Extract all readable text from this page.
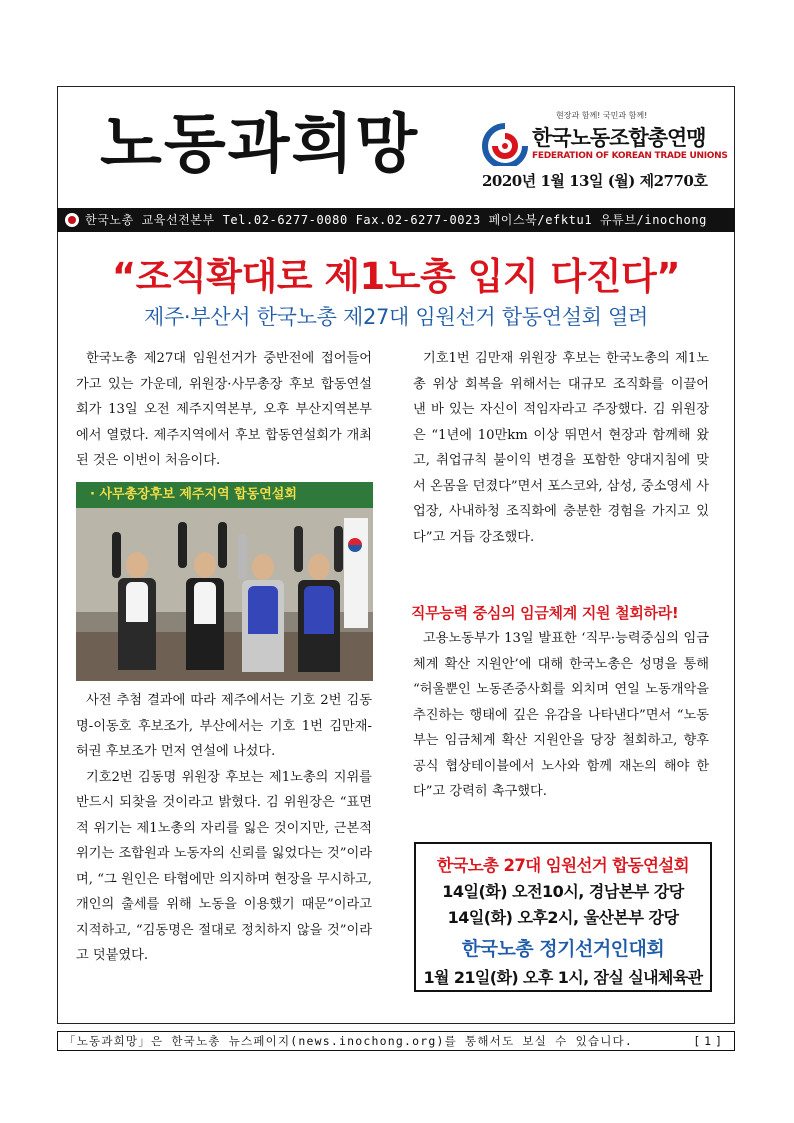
노동과희망	현장과 함께! 국민과 함께!
한국노동조합총연맹
FEDERATION OF KOREAN TRADE UNIONS
2020년 1월 13일 (월) 제2770호
한국노총 교육선전본부 Tel.02-6277-0080 Fax.02-6277-0023 페이스북/efktu1 유튜브/inochong
“조직확대로 제1노총 입지 다진다”
제주·부산서 한국노총 제27대 임원선거 합동연설회 열려

한국노총 제27대 임원선거가 중반전에 접어들어가고 있는 가운데, 위원장·사무총장 후보 합동연설회가 13일 오전 제주지역본부, 오후 부산지역본부에서 열렸다. 제주지역에서 후보 합동연설회가 개최된 것은 이번이 처음이다.

· 사무총장후보 제주지역 합동연설회

사전 추첨 결과에 따라 제주에서는 기호 2번 김동명-이동호 후보조가, 부산에서는 기호 1번 김만재-허권 후보조가 먼저 연설에 나섰다.

기호2번 김동명 위원장 후보는 제1노총의 지위를 반드시 되찾을 것이라고 밝혔다. 김 위원장은 “표면적 위기는 제1노총의 자리를 잃은 것이지만, 근본적 위기는 조합원과 노동자의 신뢰를 잃었다는 것”이라며, “그 원인은 타협에만 의지하며 현장을 무시하고, 개인의 출세를 위해 노동을 이용했기 때문”이라고 지적하고, “김동명은 절대로 정치하지 않을 것”이라고 덧붙였다.

기호1번 김만재 위원장 후보는 한국노총의 제1노총 위상 회복을 위해서는 대규모 조직화를 이끌어 낸 바 있는 자신이 적임자라고 주장했다. 김 위원장은 “1년에 10만km 이상 뛰면서 현장과 함께해 왔고, 취업규칙 불이익 변경을 포함한 양대지침에 맞서 온몸을 던졌다”면서 포스코와, 삼성, 중소영세 사업장, 사내하청 조직화에 충분한 경험을 가지고 있다”고 거듭 강조했다.

직무능력 중심의 임금체계 지원 철회하라!

고용노동부가 13일 발표한 ‘직무·능력중심의 임금체계 확산 지원안’에 대해 한국노총은 성명을 통해 “허울뿐인 노동존중사회를 외치며 연일 노동개악을 추진하는 행태에 깊은 유감을 나타낸다”면서 “노동부는 임금체계 확산 지원안을 당장 철회하고, 향후 공식 협상테이블에서 노사와 함께 재논의 해야 한다”고 강력히 촉구했다.

한국노총 27대 임원선거 합동연설회
14일(화) 오전10시, 경남본부 강당
14일(화) 오후2시, 울산본부 강당
한국노총 정기선거인대회
1월 21일(화) 오후 1시, 잠실 실내체육관
「노동과희망」은 한국노총 뉴스페이지(news.inochong.org)를 통해서도 보실 수 있습니다.	[1]
